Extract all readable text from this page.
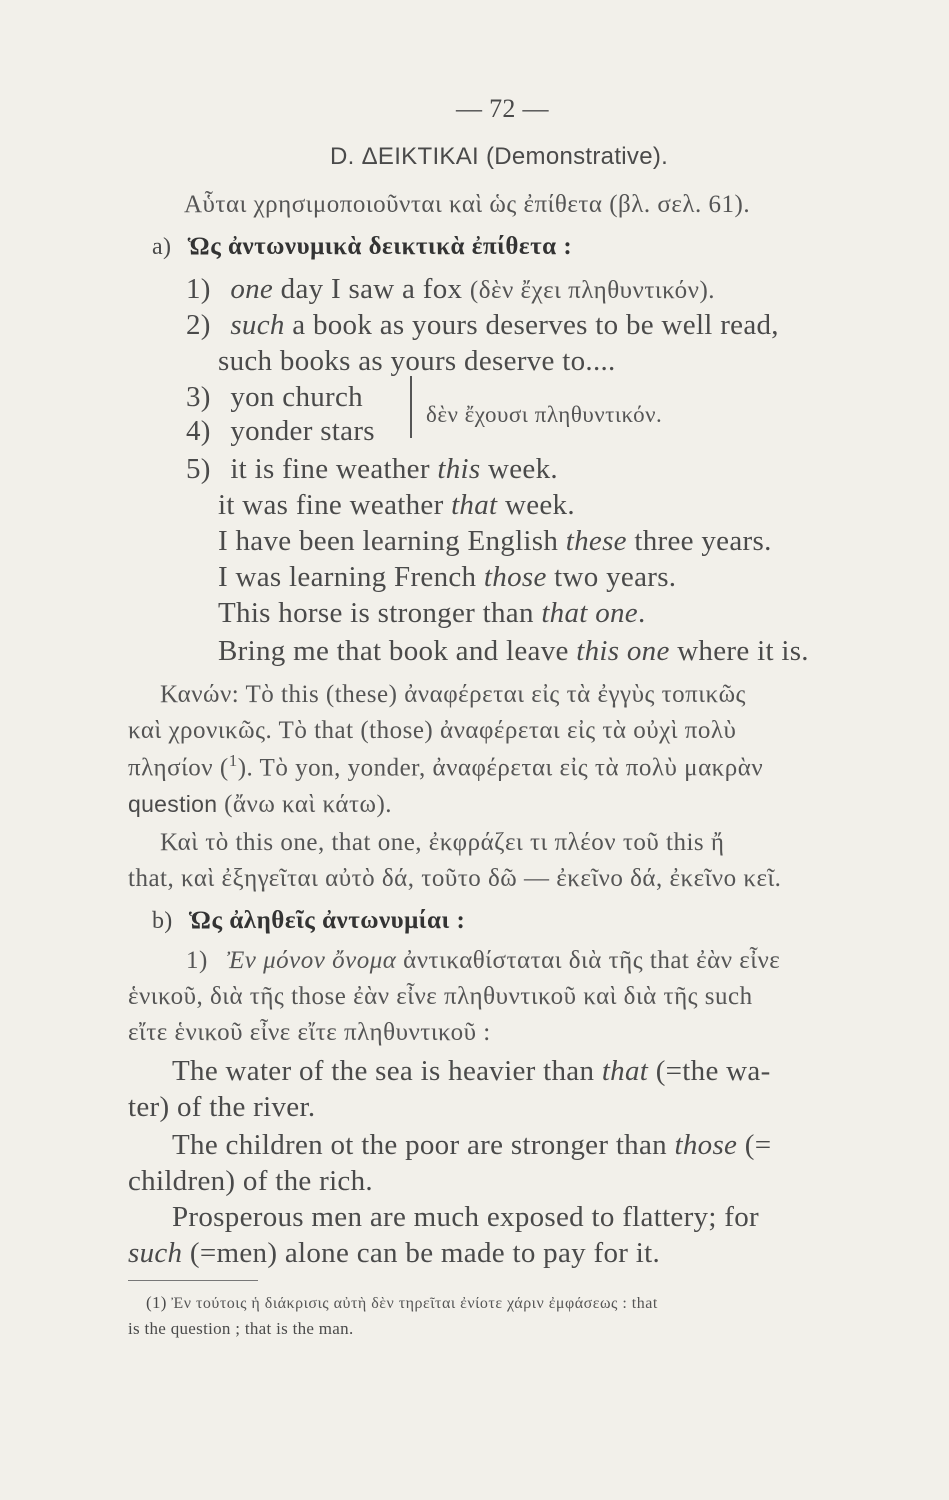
— 72 —
D. ΔΕΙΚΤΙΚΑΙ (Demonstrative).
Αὗται χρησιμοποιοῦνται καὶ ὡς ἐπίθετα (βλ. σελ. 61).
a) Ὡς ἀντωνυμικὰ δεικτικὰ ἐπίθετα :
1) one day I saw a fox (δὲν ἔχει πληθυντικόν).
2) such a book as yours deserves to be well read,
such books as yours deserve to....
3) yon church
4) yonder stars
δὲν ἔχουσι πληθυντικόν.
5) it is fine weather this week.
it was fine weather that week.
I have been learning English these three years.
I was learning French those two years.
This horse is stronger than that one.
Bring me that book and leave this one where it is.
Κανών: Τὸ this (these) ἀναφέρεται εἰς τὰ ἐγγὺς τοπικῶς
καὶ χρονικῶς. Τὸ that (those) ἀναφέρεται εἰς τὰ οὐχὶ πολὺ
πλησίον ($^1$). Τὸ yon, yonder, ἀναφέρεται εἰς τὰ πολὺ μακρὰν
question (ἄνω καὶ κάτω).
Καὶ τὸ this one, that one, ἐκφράζει τι πλέον τοῦ this ἤ
that, καὶ ἐξηγεῖται αὐτὸ δά, τοῦτο δῶ — ἐκεῖνο δά, ἐκεῖνο κεῖ.
b) Ὡς ἀληθεῖς ἀντωνυμίαι :
1) Ἐν μόνον ὄνομα ἀντικαθίσταται διὰ τῆς that ἐὰν εἶνε
ἑνικοῦ, διὰ τῆς those ἐὰν εἶνε πληθυντικοῦ καὶ διὰ τῆς such
εἴτε ἑνικοῦ εἶνε εἴτε πληθυντικοῦ :
The water of the sea is heavier than that (=the wa-
ter) of the river.
The children ot the poor are stronger than those (=
children) of the rich.
Prosperous men are much exposed to flattery; for
such (=men) alone can be made to pay for it.
(1) Ἐν τούτοις ἡ διάκρισις αὐτὴ δὲν τηρεῖται ἐνίοτε χάριν ἐμφάσεως : that
is the question ; that is the man.
